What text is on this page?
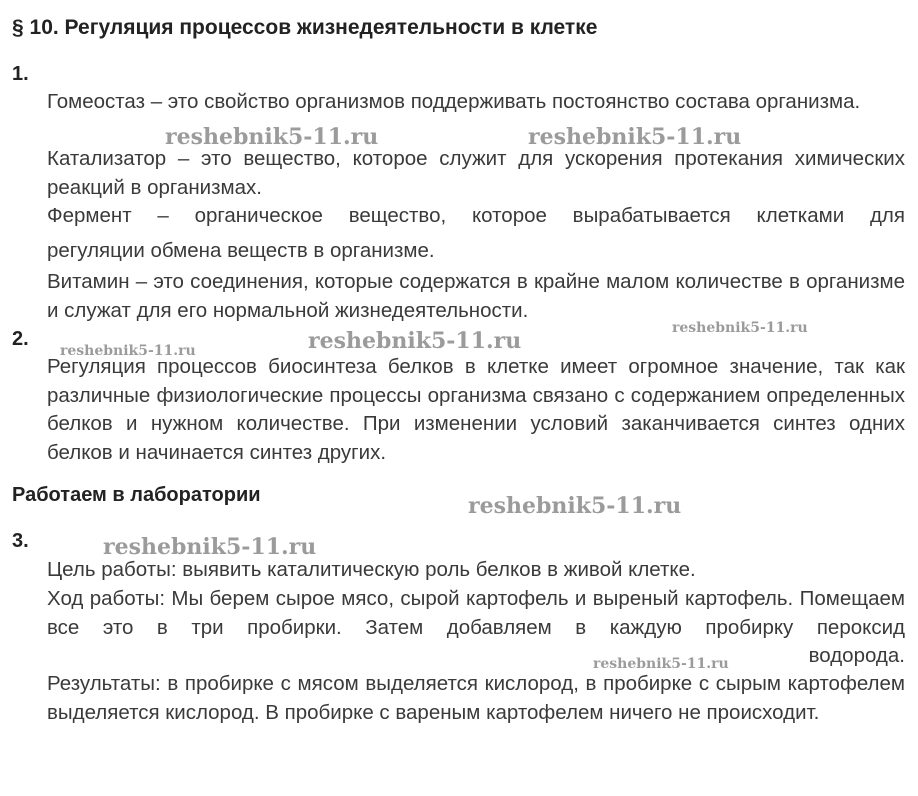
§ 10. Регуляция процессов жизнедеятельности в клетке
1.

Гомеостаз – это свойство организмов поддерживать постоянство состава организма.

Катализатор – это вещество, которое служит для ускорения протекания химических реакций в организмах.

Фермент – органическое вещество, которое вырабатывается клетками для

регуляции обмена веществ в организме.

Витамин – это соединения, которые содержатся в крайне малом количестве в организме и служат для его нормальной жизнедеятельности.

2.

Регуляция процессов биосинтеза белков в клетке имеет огромное значение, так как различные физиологические процессы организма связано с содержанием определенных белков и нужном количестве. При изменении условий заканчивается синтез одних белков и начинается синтез других.

Работаем в лаборатории
3.

Цель работы: выявить каталитическую роль белков в живой клетке.

Ход работы: Мы берем сырое мясо, сырой картофель и выреный картофель. Помещаем все это в три пробирки. Затем добавляем в каждую пробирку пероксид

водорода.

Результаты: в пробирке с мясом выделяется кислород, в пробирке с сырым картофелем выделяется кислород. В пробирке с вареным картофелем ничего не происходит.

reshebnik5-11.ru	reshebnik5-11.ru
reshebnik5-11.ru
reshebnik5-11.ru
reshebnik5-11.ru
reshebnik5-11.ru
reshebnik5-11.ru
reshebnik5-11.ru
